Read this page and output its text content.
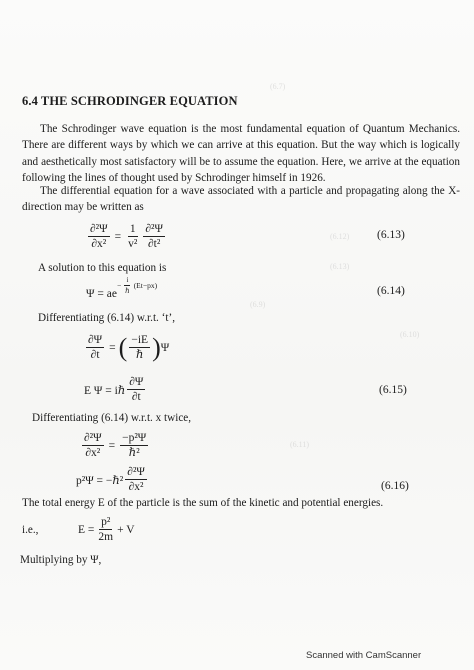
(6.7)
(6.12)
(6.13)
(6.9)
(6.10)
(6.11)
6.4 THE SCHRODINGER EQUATION
The Schrodinger wave equation is the most fundamental equation of Quantum Mechanics. There are different ways by which we can arrive at this equation. But the way which is logically and aesthetically most satisfactory will be to assume the equation. Here, we arrive at the equation following the lines of thought used by Schrodinger himself in 1926.
The differential equation for a wave associated with a particle and propagating along the X-direction may be written as
$\frac{\text{∂²Ψ}}{\text{∂x²}} = \frac{1}{\text{v²}} \frac{\text{∂²Ψ}}{\text{∂t²}}$	(6.13)
A solution to this equation is
Ψ = ae
− $\frac{i}{\text{ℏ}} (Et-px)$	(6.14)
Differentiating (6.14) w.r.t. ‘t’,
$\frac{\partial\Psi}{\partial t}$ = ( $\frac{-iE}{\text{ℏ}}$ ) Ψ
E Ψ = iℏ $\frac{\partial\Psi}{\partial t}$	(6.15)
Differentiating (6.14) w.r.t. x twice,
$\frac{\text{∂²Ψ}}{\text{∂x²}} = \frac{\text{−p²Ψ}}{\text{ℏ²}}$
p²Ψ = −ℏ² $\frac{\text{∂²Ψ}}{\text{∂x²}}$	(6.16)
The total energy E of the particle is the sum of the kinetic and potential energies.
i.e.,	$E = \frac{\text{p²}}{2m} + V$
Multiplying by Ψ,
Scanned with CamScanner
